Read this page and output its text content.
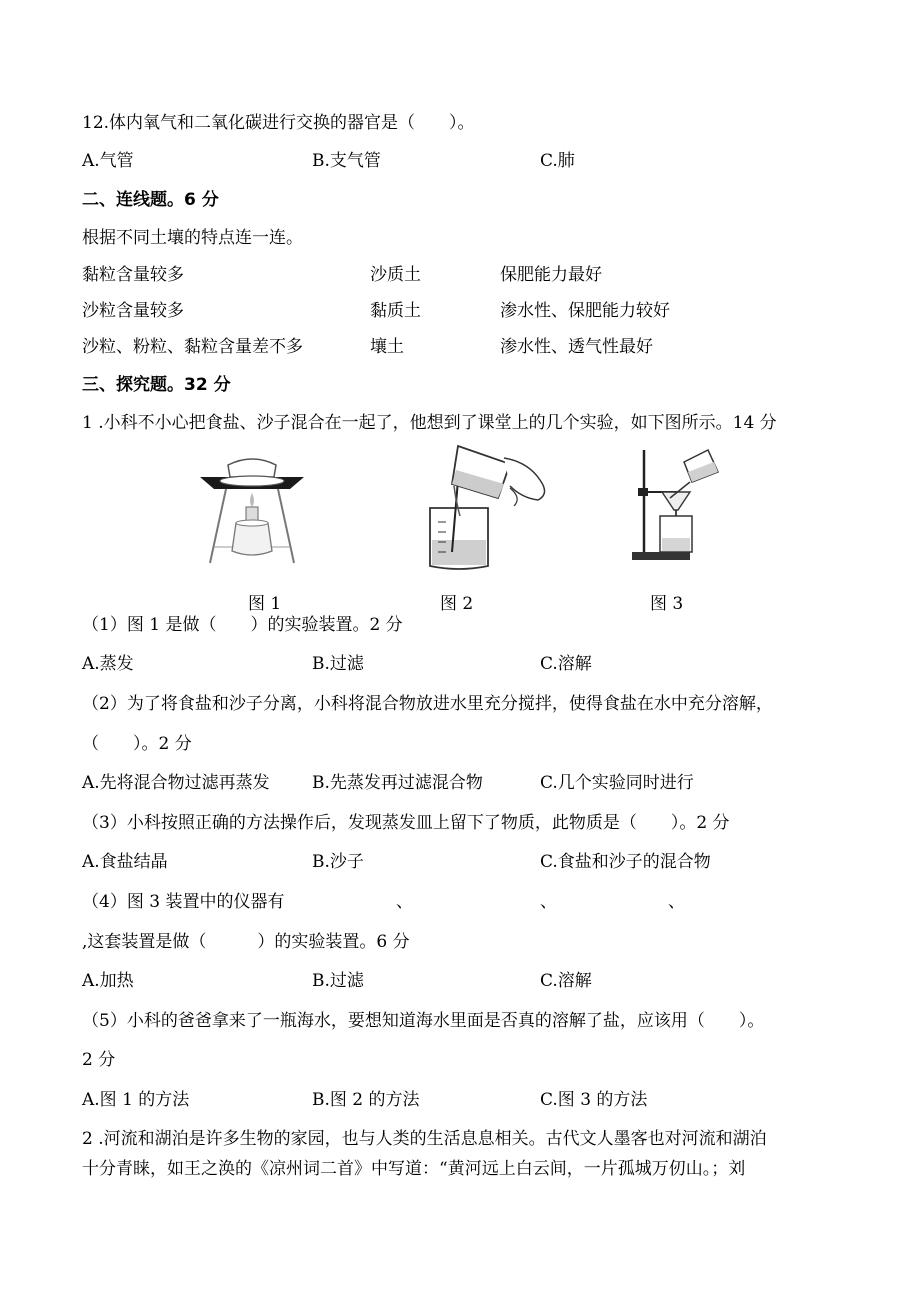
12.体内氧气和二氧化碳进行交换的器官是（　　）。
A.气管	B.支气管	C.肺
二、连线题。6 分
根据不同土壤的特点连一连。
黏粒含量较多	沙质土	保肥能力最好
沙粒含量较多	黏质土	渗水性、保肥能力较好
沙粒、粉粒、黏粒含量差不多	壤土	渗水性、透气性最好
三、探究题。32 分
1 .小科不小心把食盐、沙子混合在一起了，他想到了课堂上的几个实验，如下图所示。14 分
图 1	图 2	图 3
（1）图 1 是做（　　）的实验装置。2 分
A.蒸发	B.过滤	C.溶解
（2）为了将食盐和沙子分离，小科将混合物放进水里充分搅拌，使得食盐在水中充分溶解，
（　　）。2 分
A.先将混合物过滤再蒸发 B.先蒸发再过滤混合物	C.几个实验同时进行
（3）小科按照正确的方法操作后，发现蒸发皿上留下了物质，此物质是（　　）。2 分
A.食盐结晶	B.沙子	C.食盐和沙子的混合物
（4）图 3 装置中的仪器有	、	、	、
,这套装置是做（　　　）的实验装置。6 分
A.加热	B.过滤	C.溶解
（5）小科的爸爸拿来了一瓶海水，要想知道海水里面是否真的溶解了盐，应该用（　　）。
2 分
A.图 1 的方法	B.图 2 的方法	C.图 3 的方法
2 .河流和湖泊是许多生物的家园，也与人类的生活息息相关。古代文人墨客也对河流和湖泊
十分青睐，如王之涣的《凉州词二首》中写道：“黄河远上白云间，一片孤城万仞山。；刘
